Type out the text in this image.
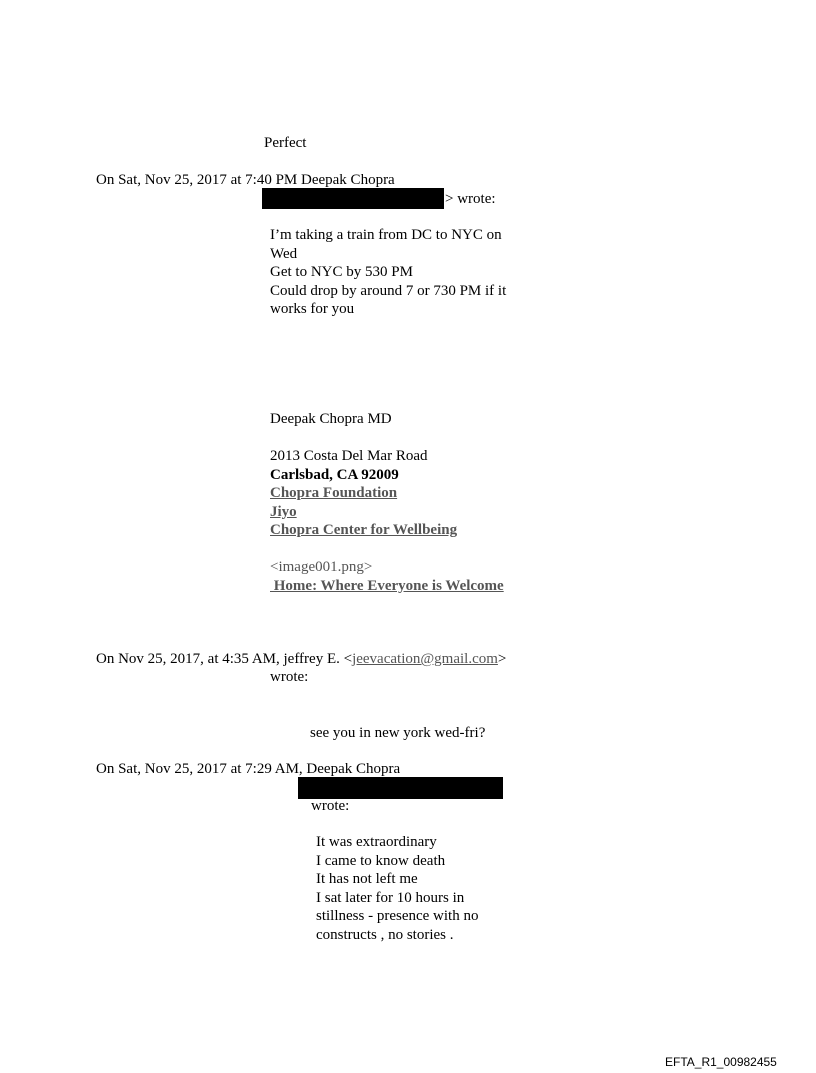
Perfect
On Sat, Nov 25, 2017 at 7:40 PM Deepak Chopra
> wrote:
I’m taking a train from DC to NYC on
Wed
Get to NYC by 530 PM
Could drop by around 7 or 730 PM if it
works for you
Deepak Chopra MD
2013 Costa Del Mar Road
Carlsbad, CA 92009
Chopra Foundation
Jiyo
Chopra Center for Wellbeing
<image001.png>
Home: Where Everyone is Welcome
On Nov 25, 2017, at 4:35 AM, jeffrey E. <jeevacation@gmail.com>
wrote:
see you in new york wed-fri?
On Sat, Nov 25, 2017 at 7:29 AM, Deepak Chopra
wrote:
It was extraordinary
I came to know death
It has not left me
I sat later for 10 hours in
stillness - presence with no
constructs , no stories .
EFTA_R1_00982455
